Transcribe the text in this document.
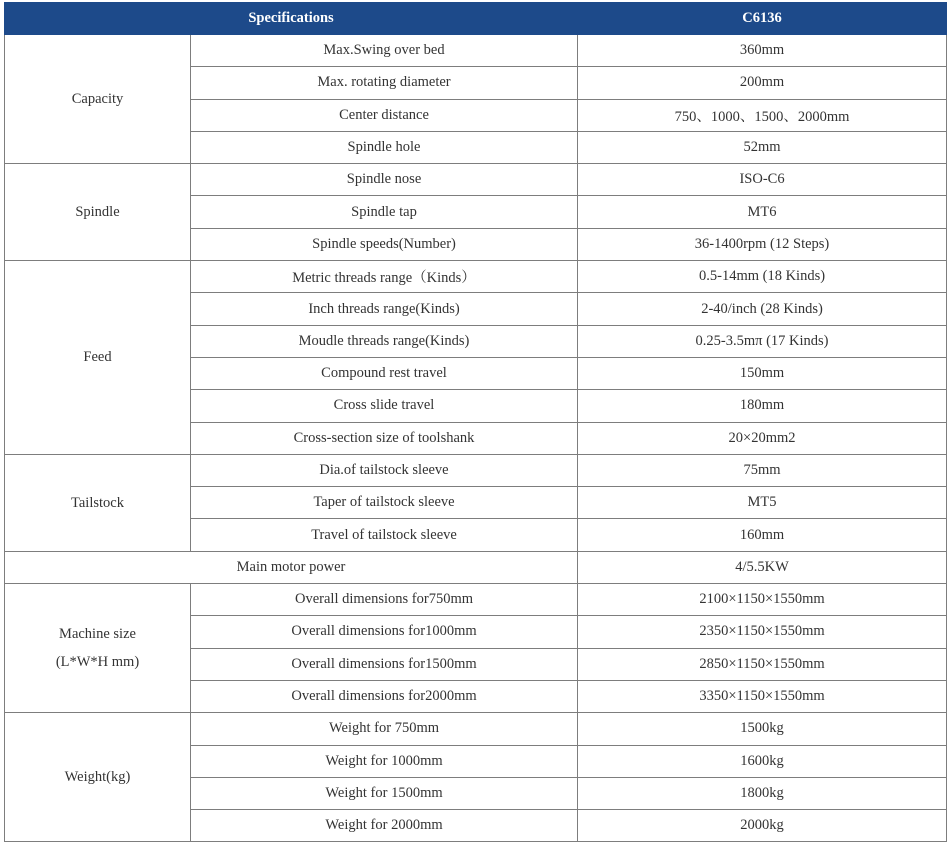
Specifications		C6136
Capacity	Max.Swing over bed	360mm
	Max. rotating diameter	200mm
	Center distance	750、1000、1500、2000mm
	Spindle hole	52mm
Spindle	Spindle nose	ISO-C6
	Spindle tap	MT6
	Spindle speeds(Number)	36-1400rpm (12 Steps)
Feed	Metric threads range（Kinds）	0.5-14mm (18 Kinds)
	Inch threads range(Kinds)	2-40/inch (28 Kinds)
	Moudle threads range(Kinds)	0.25-3.5mπ (17 Kinds)
	Compound rest travel	150mm
	Cross slide travel	180mm
	Cross-section size of toolshank	20×20mm2
Tailstock	Dia.of tailstock sleeve	75mm
	Taper of tailstock sleeve	MT5
	Travel of tailstock sleeve	160mm
Main motor power		4/5.5KW
Machine size
(L*W*H mm)	Overall dimensions for750mm	2100×1150×1550mm
	Overall dimensions for1000mm	2350×1150×1550mm
	Overall dimensions for1500mm	2850×1150×1550mm
	Overall dimensions for2000mm	3350×1150×1550mm
Weight(kg)	Weight for 750mm	1500kg
	Weight for 1000mm	1600kg
	Weight for 1500mm	1800kg
	Weight for 2000mm	2000kg
